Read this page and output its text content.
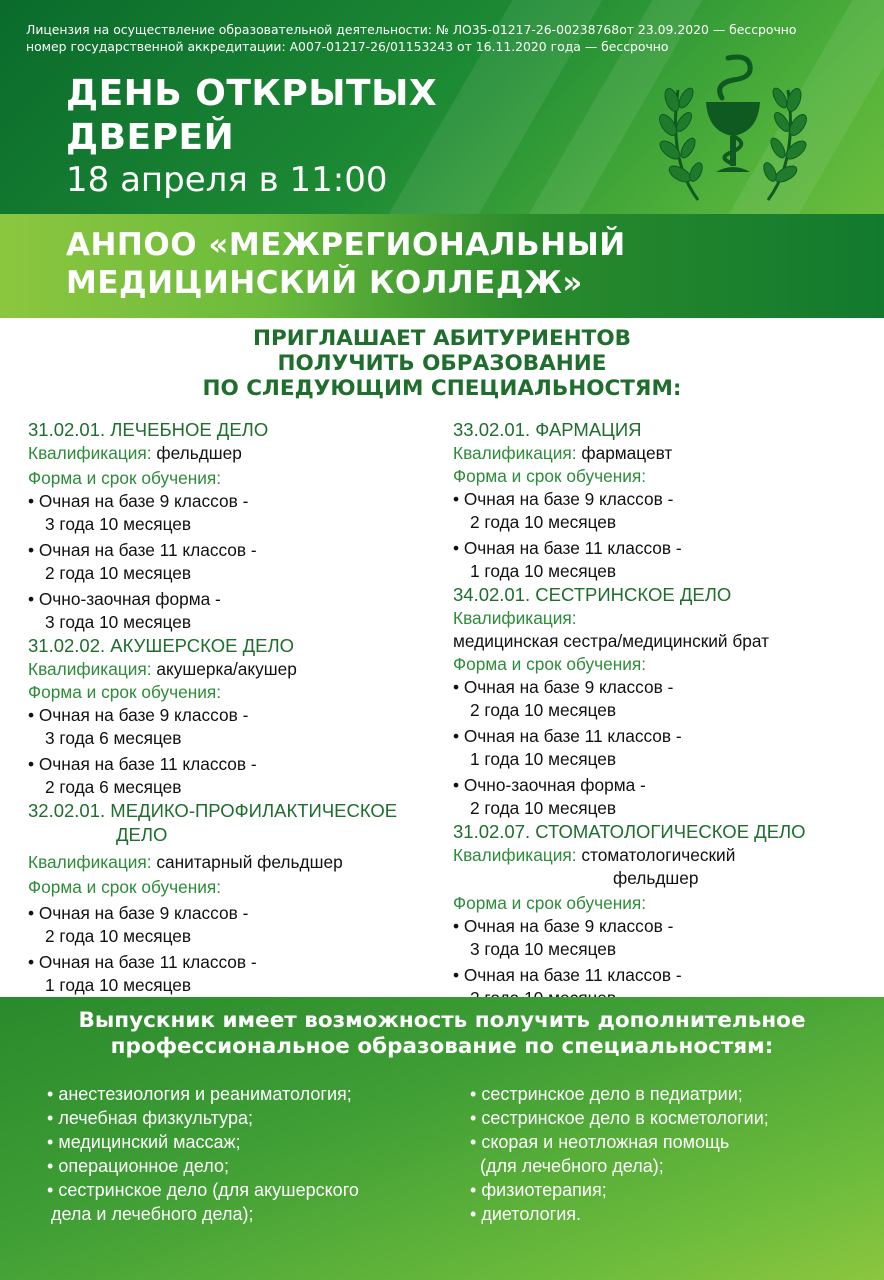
Лицензия на осуществление образовательной деятельности: № ЛО35-01217-26-00238768от 23.09.2020 — бессрочно
номер государственной аккредитации: А007-01217-26/01153243 от 16.11.2020 года — бессрочно
ДЕНЬ ОТКРЫТЫХ
ДВЕРЕЙ
18 апреля в 11:00
АНПОО «МЕЖРЕГИОНАЛЬНЫЙ
МЕДИЦИНСКИЙ КОЛЛЕДЖ»
ПРИГЛАШАЕТ АБИТУРИЕНТОВ
ПОЛУЧИТЬ ОБРАЗОВАНИЕ
ПО СЛЕДУЮЩИМ СПЕЦИАЛЬНОСТЯМ:
31.02.01. ЛЕЧЕБНОЕ ДЕЛО
Квалификация: фельдшер
Форма и срок обучения:
• Очная на базе 9 классов -
3 года 10 месяцев
• Очная на базе 11 классов -
2 года 10 месяцев
• Очно-заочная форма -
3 года 10 месяцев
31.02.02. АКУШЕРСКОЕ ДЕЛО
Квалификация: акушерка/акушер
Форма и срок обучения:
• Очная на базе 9 классов -
3 года 6 месяцев
• Очная на базе 11 классов -
2 года 6 месяцев
32.02.01. МЕДИКО-ПРОФИЛАКТИЧЕСКОЕ
ДЕЛО
Квалификация: санитарный фельдшер
Форма и срок обучения:
• Очная на базе 9 классов -
2 года 10 месяцев
• Очная на базе 11 классов -
1 года 10 месяцев
33.02.01. ФАРМАЦИЯ
Квалификация: фармацевт
Форма и срок обучения:
• Очная на базе 9 классов -
2 года 10 месяцев
• Очная на базе 11 классов -
1 года 10 месяцев
34.02.01. СЕСТРИНСКОЕ ДЕЛО
Квалификация:
медицинская сестра/медицинский брат
Форма и срок обучения:
• Очная на базе 9 классов -
2 года 10 месяцев
• Очная на базе 11 классов -
1 года 10 месяцев
• Очно-заочная форма -
2 года 10 месяцев
31.02.07. СТОМАТОЛОГИЧЕСКОЕ ДЕЛО
Квалификация: стоматологический
фельдшер
Форма и срок обучения:
• Очная на базе 9 классов -
3 года 10 месяцев
• Очная на базе 11 классов -
Выпускник имеет возможность получить дополнительное
профессиональное образование по специальностям:
• анестезиология и реаниматология;
• лечебная физкультура;
• медицинский массаж;
• операционное дело;
• сестринское дело (для акушерского
дела и лечебного дела);
• сестринское дело в педиатрии;
• сестринское дело в косметологии;
• скорая и неотложная помощь
(для лечебного дела);
• физиотерапия;
• диетология.
